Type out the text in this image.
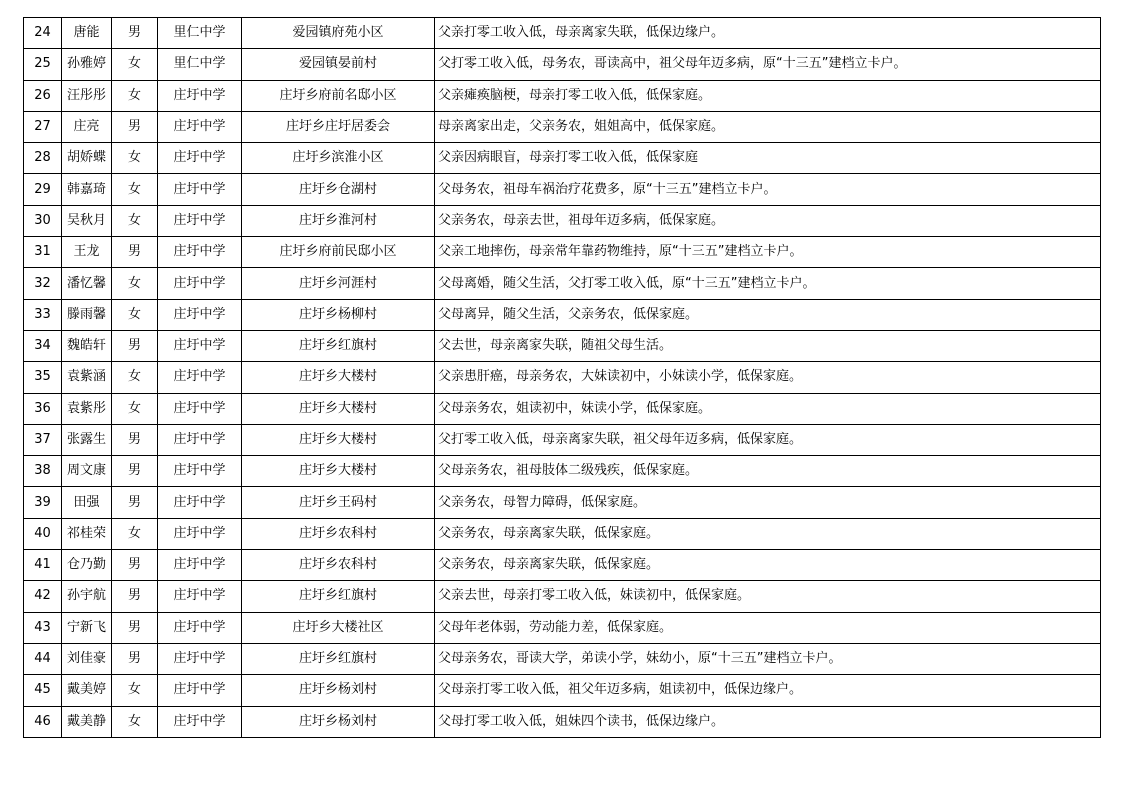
24	唐能	男	里仁中学	爱园镇府苑小区	父亲打零工收入低，母亲离家失联，低保边缘户。
25	孙雅婷	女	里仁中学	爱园镇晏前村	父打零工收入低，母务农，哥读高中，祖父母年迈多病，原“十三五”建档立卡户。
26	汪彤彤	女	庄圩中学	庄圩乡府前名邸小区	父亲瘫痪脑梗，母亲打零工收入低，低保家庭。
27	庄亮	男	庄圩中学	庄圩乡庄圩居委会	母亲离家出走，父亲务农，姐姐高中，低保家庭。
28	胡娇蝶	女	庄圩中学	庄圩乡滨淮小区	父亲因病眼盲，母亲打零工收入低，低保家庭
29	韩嘉琦	女	庄圩中学	庄圩乡仓湖村	父母务农，祖母车祸治疗花费多，原“十三五”建档立卡户。
30	吴秋月	女	庄圩中学	庄圩乡淮河村	父亲务农，母亲去世，祖母年迈多病，低保家庭。
31	王龙	男	庄圩中学	庄圩乡府前民邸小区	父亲工地摔伤，母亲常年靠药物维持，原“十三五”建档立卡户。
32	潘忆馨	女	庄圩中学	庄圩乡河涯村	父母离婚，随父生活，父打零工收入低，原“十三五”建档立卡户。
33	滕雨馨	女	庄圩中学	庄圩乡杨柳村	父母离异，随父生活，父亲务农，低保家庭。
34	魏皓轩	男	庄圩中学	庄圩乡红旗村	父去世，母亲离家失联，随祖父母生活。
35	袁紫涵	女	庄圩中学	庄圩乡大楼村	父亲患肝癌，母亲务农，大妹读初中，小妹读小学，低保家庭。
36	袁紫彤	女	庄圩中学	庄圩乡大楼村	父母亲务农，姐读初中，妹读小学，低保家庭。
37	张露生	男	庄圩中学	庄圩乡大楼村	父打零工收入低，母亲离家失联，祖父母年迈多病，低保家庭。
38	周文康	男	庄圩中学	庄圩乡大楼村	父母亲务农，祖母肢体二级残疾，低保家庭。
39	田强	男	庄圩中学	庄圩乡王码村	父亲务农，母智力障碍，低保家庭。
40	祁桂荣	女	庄圩中学	庄圩乡农科村	父亲务农，母亲离家失联，低保家庭。
41	仓乃勤	男	庄圩中学	庄圩乡农科村	父亲务农，母亲离家失联，低保家庭。
42	孙宇航	男	庄圩中学	庄圩乡红旗村	父亲去世，母亲打零工收入低，妹读初中，低保家庭。
43	宁新飞	男	庄圩中学	庄圩乡大楼社区	父母年老体弱，劳动能力差，低保家庭。
44	刘佳豪	男	庄圩中学	庄圩乡红旗村	父母亲务农，哥读大学，弟读小学，妹幼小，原“十三五”建档立卡户。
45	戴美婷	女	庄圩中学	庄圩乡杨刘村	父母亲打零工收入低，祖父年迈多病，姐读初中，低保边缘户。
46	戴美静	女	庄圩中学	庄圩乡杨刘村	父母打零工收入低，姐妹四个读书，低保边缘户。
